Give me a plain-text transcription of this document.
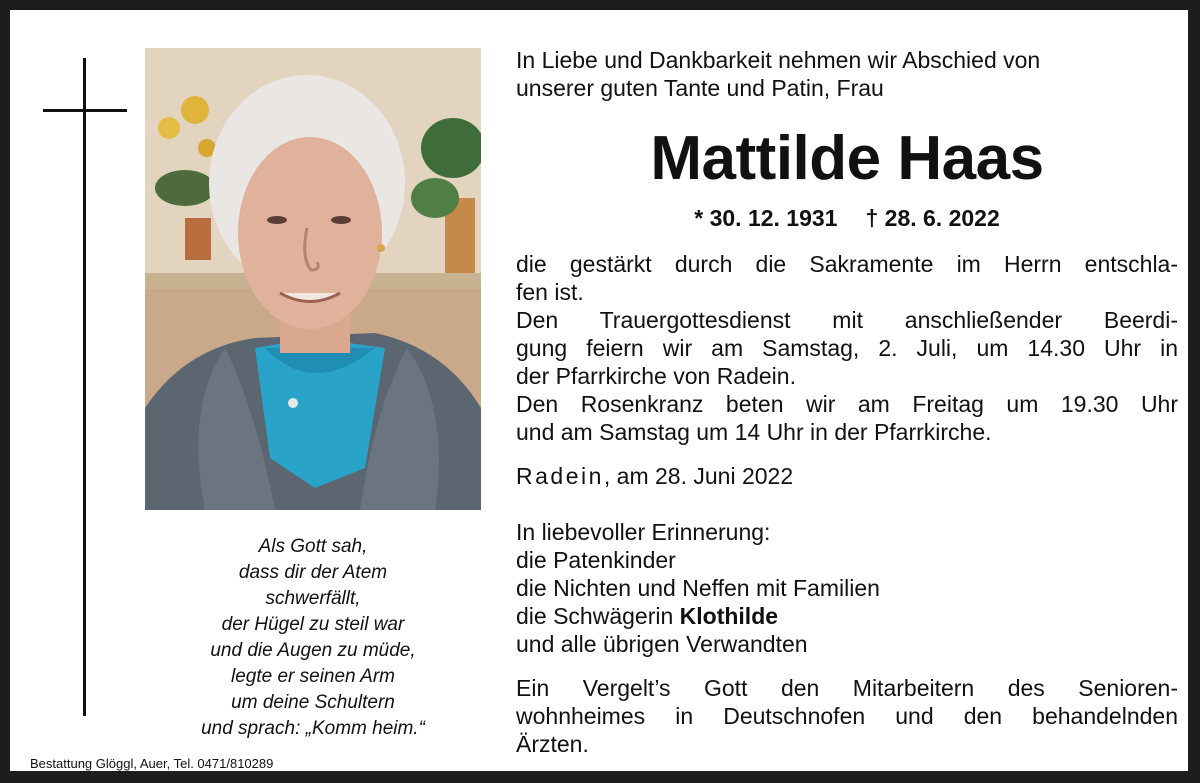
Als Gott sah,
dass dir der Atem
schwerfällt,
der Hügel zu steil war
und die Augen zu müde,
legte er seinen Arm
um deine Schultern
und sprach: „Komm heim.“
Bestattung Glöggl, Auer, Tel. 0471/810289
In Liebe und Dankbarkeit nehmen wir Abschied von
unserer guten Tante und Patin, Frau
Mattilde Haas
* 30. 12. 1931 † 28. 6. 2022
die gestärkt durch die Sakramente im Herrn entschla-
fen ist.
Den Trauergottesdienst mit anschließender Beerdi-
gung feiern wir am Samstag, 2. Juli, um 14.30 Uhr in
der Pfarrkirche von Radein.
Den Rosenkranz beten wir am Freitag um 19.30 Uhr
und am Samstag um 14 Uhr in der Pfarrkirche.
Radein, am 28. Juni 2022
In liebevoller Erinnerung:
die Patenkinder
die Nichten und Neffen mit Familien
die Schwägerin Klothilde
und alle übrigen Verwandten
Ein Vergelt’s Gott den Mitarbeitern des Senioren-
wohnheimes in Deutschnofen und den behandelnden
Ärzten.
